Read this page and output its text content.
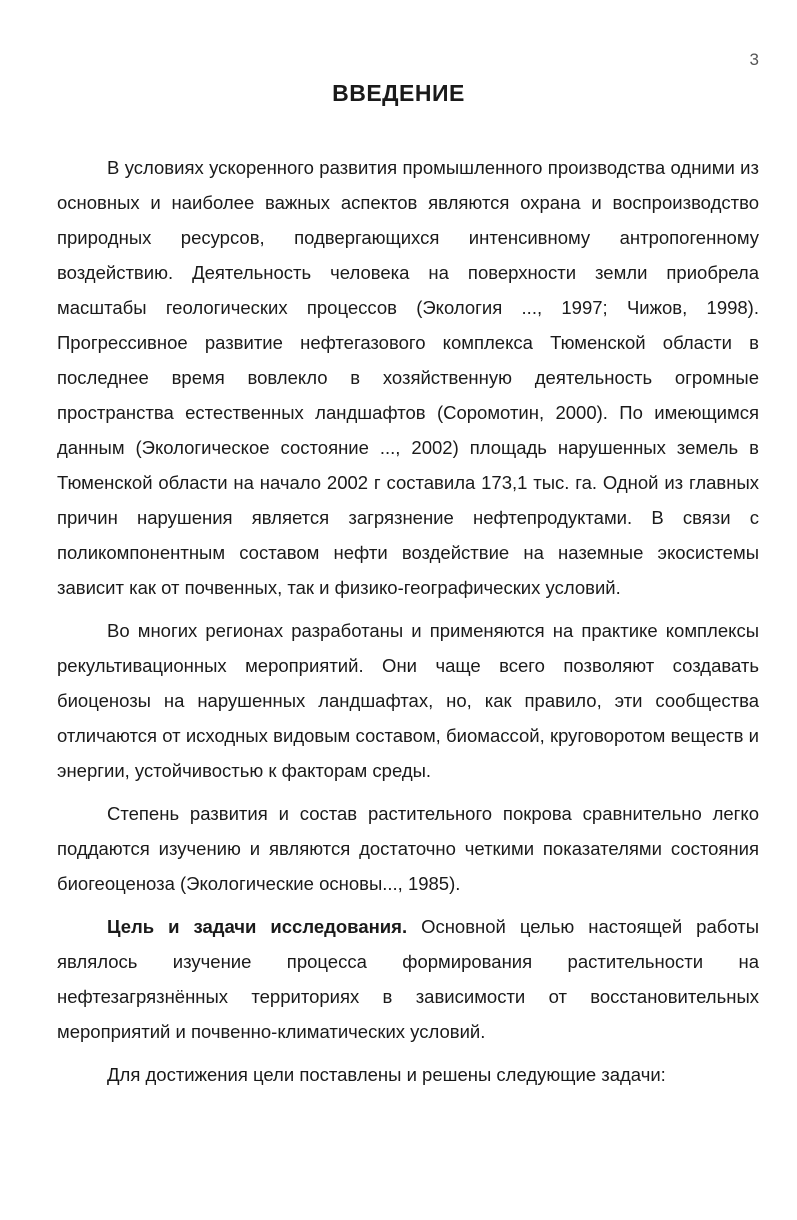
3
ВВЕДЕНИЕ

В условиях ускоренного развития промышленного производства одними из основных и наиболее важных аспектов являются охрана и воспроизводство природных ресурсов, подвергающихся интенсивному антропогенному воздействию. Деятельность человека на поверхности земли приобрела масштабы геологических процессов (Экология ..., 1997; Чижов, 1998). Прогрессивное развитие нефтегазового комплекса Тюменской области в последнее время вовлекло в хозяйственную деятельность огромные пространства естественных ландшафтов (Соромотин, 2000). По имеющимся данным (Экологическое состояние ..., 2002) площадь нарушенных земель в Тюменской области на начало 2002 г составила 173,1 тыс. га. Одной из главных причин нарушения является загрязнение нефтепродуктами. В связи с поликомпонентным составом нефти воздействие на наземные экосистемы зависит как от почвенных, так и физико-географических условий.

Во многих регионах разработаны и применяются на практике комплексы рекультивационных мероприятий. Они чаще всего позволяют создавать биоценозы на нарушенных ландшафтах, но, как правило, эти сообщества отличаются от исходных видовым составом, биомассой, круговоротом веществ и энергии, устойчивостью к факторам среды.

Степень развития и состав растительного покрова сравнительно легко поддаются изучению и являются достаточно четкими показателями состояния биогеоценоза (Экологические основы..., 1985).

Цель и задачи исследования. Основной целью настоящей работы являлось изучение процесса формирования растительности на нефтезагрязнённых территориях в зависимости от восстановительных мероприятий и почвенно-климатических условий.

Для достижения цели поставлены и решены следующие задачи:
